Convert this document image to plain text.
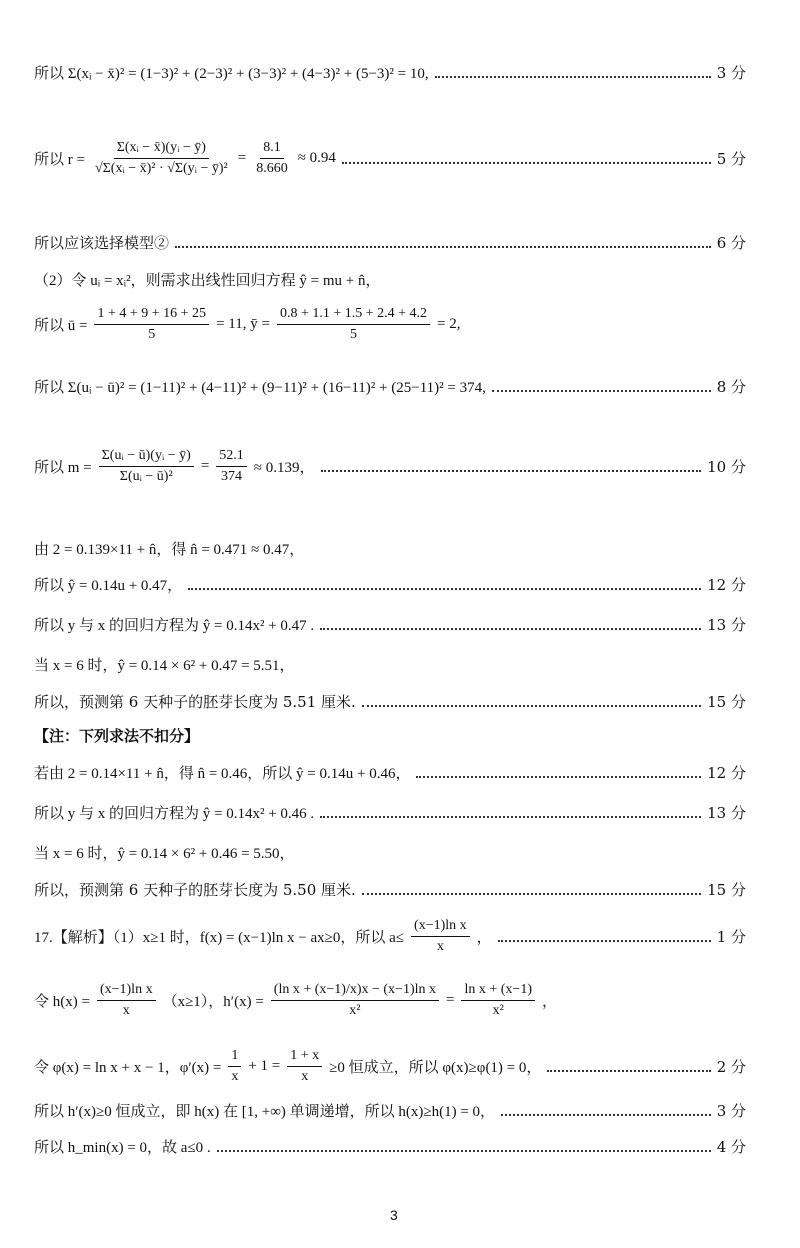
所以 Σ(xᵢ − x̄)² = (1−3)² + (2−3)² + (3−3)² + (4−3)² + (5−3)² = 10,	3 分
所以 $r = \frac{\text{Σ(xᵢ − x̄)(yᵢ − ȳ)}}{\text{√Σ(xᵢ − x̄)² · √Σ(yᵢ − ȳ)²}} = \frac{8.1}{8.660} \approx 0.94$	5 分
所以应该选择模型②	6 分
（2）令 uᵢ = xᵢ²，则需求出线性回归方程 ŷ = mu + n̂，
所以 ū = $\frac{1 + 4 + 9 + 16 + 25}{5} = 11$, ȳ = $\frac{0.8 + 1.1 + 1.5 + 2.4 + 4.2}{5} = 2$,
所以 Σ(uᵢ − ū)² = (1−11)² + (4−11)² + (9−11)² + (16−11)² + (25−11)² = 374,	8 分
所以 $m = \frac{\text{Σ(uᵢ − ū)(yᵢ − ȳ)}}{\text{Σ(uᵢ − ū)²}} = \frac{52.1}{374} \approx 0.139$，	10 分
由 2 = 0.139×11 + n̂，得 n̂ = 0.471 ≈ 0.47，
所以 ŷ = 0.14u + 0.47，	12 分
所以 y 与 x 的回归方程为 ŷ = 0.14x² + 0.47 .	13 分
当 x = 6 时，ŷ = 0.14 × 6² + 0.47 = 5.51，
所以，预测第 6 天种子的胚芽长度为 5.51 厘米.	15 分
【注：下列求法不扣分】
若由 2 = 0.14×11 + n̂，得 n̂ = 0.46，所以 ŷ = 0.14u + 0.46，	12 分
所以 y 与 x 的回归方程为 ŷ = 0.14x² + 0.46 .	13 分
当 x = 6 时，ŷ = 0.14 × 6² + 0.46 = 5.50，
所以，预测第 6 天种子的胚芽长度为 5.50 厘米.	15 分
17.【解析】（1）x≥1 时，f(x) = (x−1)ln x − ax≥0，所以 $a\le \frac{\text{(x−1)ln x}}{x}$ ，	1 分
令 $h(x) = \frac{\text{(x−1)ln x}}{x} (x\ge 1)$，$h'(x) = \frac{\text{(ln x + (x−1)/x)x − (x−1)ln x}}{\text{x²}} = \frac{\text{ln x + (x−1)}}{\text{x²}}$ ，
令 φ(x) = ln x + x − 1，$\varphi'(x) = \frac{1}{x} + 1 = \frac{1 + x}{x} \ge 0$ 恒成立，所以 φ(x)≥φ(1) = 0，	2 分
所以 h′(x)≥0 恒成立，即 h(x) 在 [1, +∞) 单调递增，所以 h(x)≥h(1) = 0，	3 分
所以 h_min(x) = 0，故 a≤0 .	4 分
3
